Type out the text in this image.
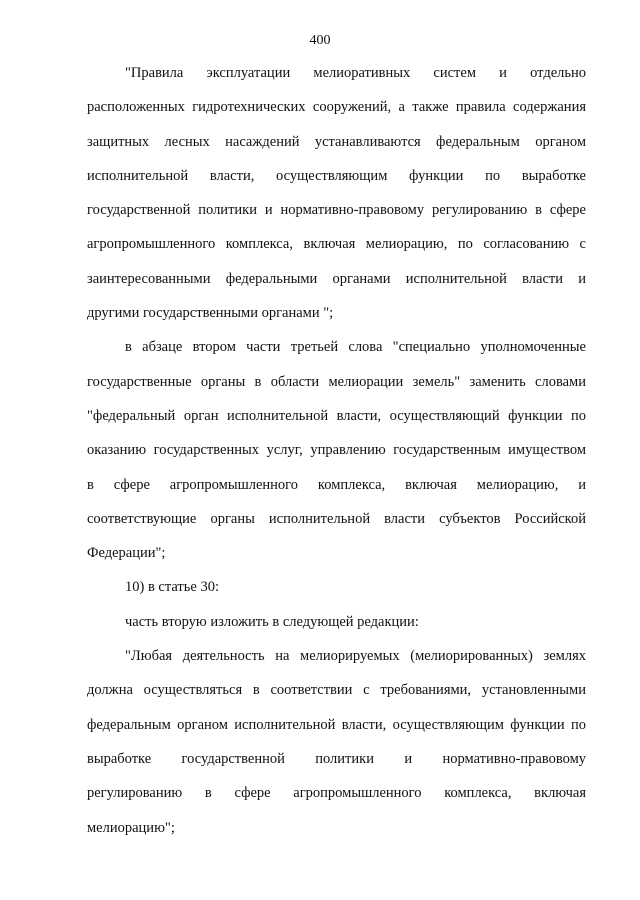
400
"Правила эксплуатации мелиоративных систем и отдельно
расположенных гидротехнических сооружений, а также правила содержания
защитных лесных насаждений устанавливаются федеральным органом
исполнительной власти, осуществляющим функции по выработке
государственной политики и нормативно-правовому регулированию в сфере
агропромышленного комплекса, включая мелиорацию, по согласованию с
заинтересованными федеральными органами исполнительной власти и
другими государственными органами ";
в абзаце втором части третьей слова "специально уполномоченные
государственные органы в области мелиорации земель" заменить словами
"федеральный орган исполнительной власти, осуществляющий функции по
оказанию государственных услуг, управлению государственным имуществом
в сфере агропромышленного комплекса, включая мелиорацию, и
соответствующие органы исполнительной власти субъектов Российской
Федерации";
10) в статье 30:
часть вторую изложить в следующей редакции:
"Любая деятельность на мелиорируемых (мелиорированных) землях
должна осуществляться в соответствии с требованиями, установленными
федеральным органом исполнительной власти, осуществляющим функции по
выработке государственной политики и нормативно-правовому
регулированию в сфере агропромышленного комплекса, включая
мелиорацию";
